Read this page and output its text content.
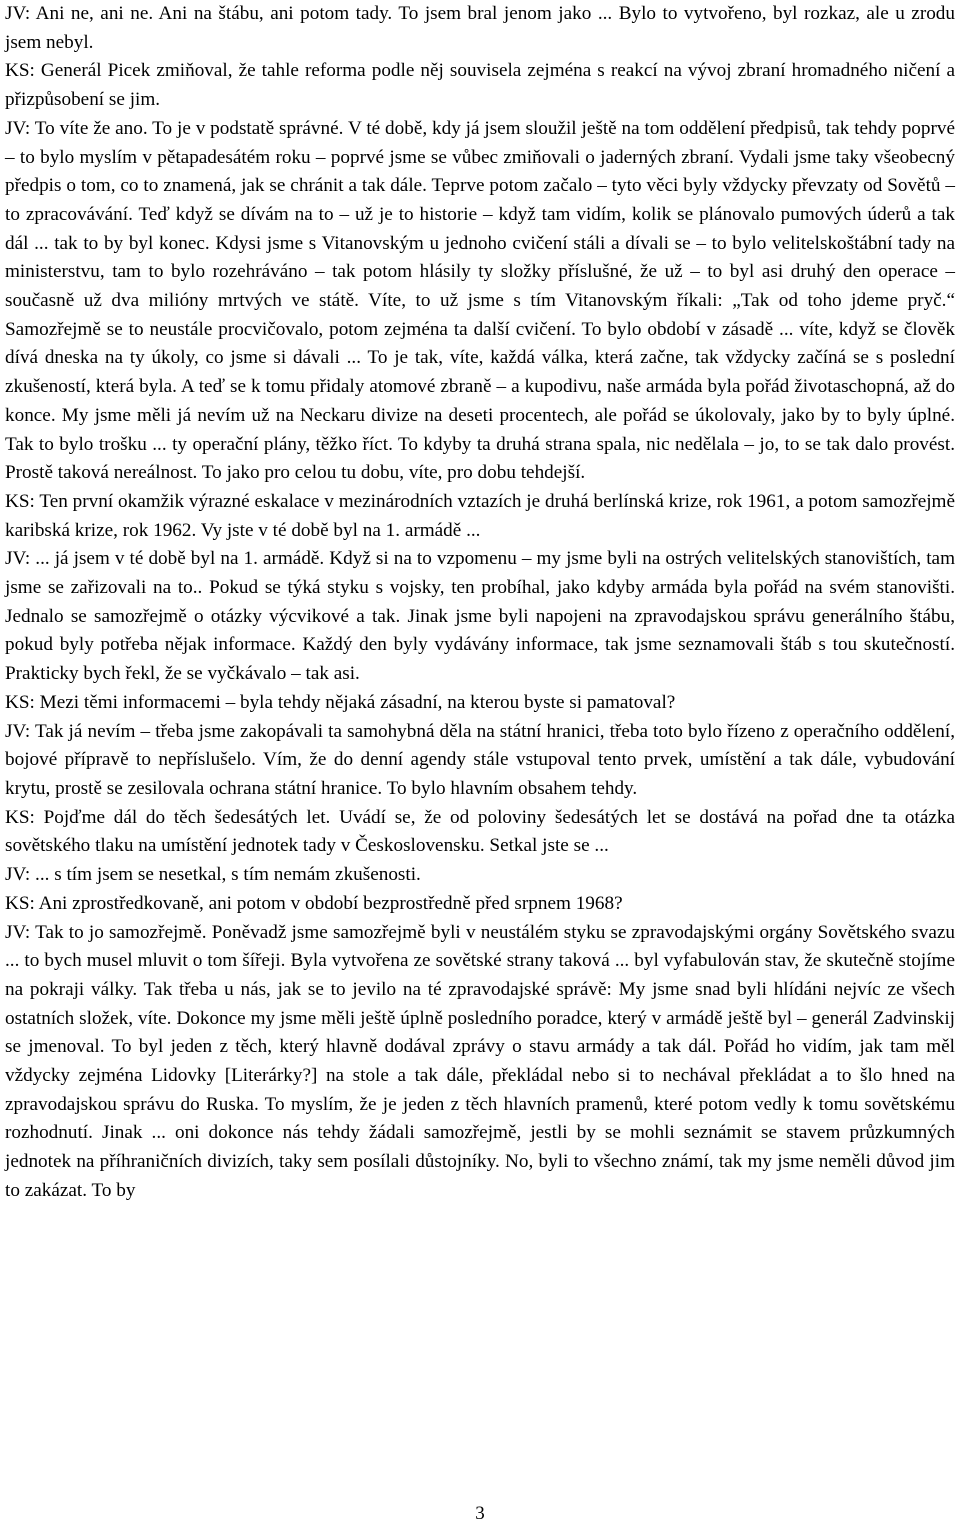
JV: Ani ne, ani ne. Ani na štábu, ani potom tady. To jsem bral jenom jako ... Bylo to vytvořeno, byl rozkaz, ale u zrodu jsem nebyl.

KS: Generál Picek zmiňoval, že tahle reforma podle něj souvisela zejména s reakcí na vývoj zbraní hromadného ničení a přizpůsobení se jim.

JV: To víte že ano. To je v podstatě správné. V té době, kdy já jsem sloužil ještě na tom oddělení předpisů, tak tehdy poprvé – to bylo myslím v pětapadesátém roku – poprvé jsme se vůbec zmiňovali o jaderných zbraní. Vydali jsme taky všeobecný předpis o tom, co to znamená, jak se chránit a tak dále. Teprve potom začalo – tyto věci byly vždycky převzaty od Sovětů – to zpracovávání. Teď když se dívám na to – už je to historie – když tam vidím, kolik se plánovalo pumových úderů a tak dál ... tak to by byl konec. Kdysi jsme s Vitanovským u jednoho cvičení stáli a dívali se – to bylo velitelskoštábní tady na ministerstvu, tam to bylo rozehráváno – tak potom hlásily ty složky příslušné, že už – to byl asi druhý den operace – současně už dva milióny mrtvých ve státě. Víte, to už jsme s tím Vitanovským říkali: „Tak od toho jdeme pryč.“ Samozřejmě se to neustále procvičovalo, potom zejména ta další cvičení. To bylo období v zásadě ... víte, když se člověk dívá dneska na ty úkoly, co jsme si dávali ... To je tak, víte, každá válka, která začne, tak vždycky začíná se s poslední zkušeností, která byla. A teď se k tomu přidaly atomové zbraně – a kupodivu, naše armáda byla pořád životaschopná, až do konce. My jsme měli já nevím už na Neckaru divize na deseti procentech, ale pořád se úkolovaly, jako by to byly úplné. Tak to bylo trošku ... ty operační plány, těžko říct. To kdyby ta druhá strana spala, nic nedělala – jo, to se tak dalo provést. Prostě taková nereálnost. To jako pro celou tu dobu, víte, pro dobu tehdejší.

KS: Ten první okamžik výrazné eskalace v mezinárodních vztazích je druhá berlínská krize, rok 1961, a potom samozřejmě karibská krize, rok 1962. Vy jste v té době byl na 1. armádě ...

JV: ... já jsem v té době byl na 1. armádě. Když si na to vzpomenu – my jsme byli na ostrých velitelských stanovištích, tam jsme se zařizovali na to.. Pokud se týká styku s vojsky, ten probíhal, jako kdyby armáda byla pořád na svém stanovišti. Jednalo se samozřejmě o otázky výcvikové a tak. Jinak jsme byli napojeni na zpravodajskou správu generálního štábu, pokud byly potřeba nějak informace. Každý den byly vydávány informace, tak jsme seznamovali štáb s tou skutečností. Prakticky bych řekl, že se vyčkávalo – tak asi.

KS: Mezi těmi informacemi – byla tehdy nějaká zásadní, na kterou byste si pamatoval?

JV: Tak já nevím – třeba jsme zakopávali ta samohybná děla na státní hranici, třeba toto bylo řízeno z operačního oddělení, bojové přípravě to nepříslušelo. Vím, že do denní agendy stále vstupoval tento prvek, umístění a tak dále, vybudování krytu, prostě se zesilovala ochrana státní hranice. To bylo hlavním obsahem tehdy.

KS: Pojďme dál do těch šedesátých let. Uvádí se, že od poloviny šedesátých let se dostává na pořad dne ta otázka sovětského tlaku na umístění jednotek tady v Československu. Setkal jste se ...

JV: ... s tím jsem se nesetkal, s tím nemám zkušenosti.

KS: Ani zprostředkovaně, ani potom v období bezprostředně před srpnem 1968?

JV: Tak to jo samozřejmě. Poněvadž jsme samozřejmě byli v neustálém styku se zpravodajskými orgány Sovětského svazu ... to bych musel mluvit o tom šířeji. Byla vytvořena ze sovětské strany taková ... byl vyfabulován stav, že skutečně stojíme na pokraji války. Tak třeba u nás, jak se to jevilo na té zpravodajské správě: My jsme snad byli hlídáni nejvíc ze všech ostatních složek, víte. Dokonce my jsme měli ještě úplně posledního poradce, který v armádě ještě byl – generál Zadvinskij se jmenoval. To byl jeden z těch, který hlavně dodával zprávy o stavu armády a tak dál. Pořád ho vidím, jak tam měl vždycky zejména Lidovky [Literárky?] na stole a tak dále, překládal nebo si to nechával překládat a to šlo hned na zpravodajskou správu do Ruska. To myslím, že je jeden z těch hlavních pramenů, které potom vedly k tomu sovětskému rozhodnutí. Jinak ... oni dokonce nás tehdy žádali samozřejmě, jestli by se mohli seznámit se stavem průzkumných jednotek na příhraničních divizích, taky sem posílali důstojníky. No, byli to všechno známí, tak my jsme neměli důvod jim to zakázat. To by

3
